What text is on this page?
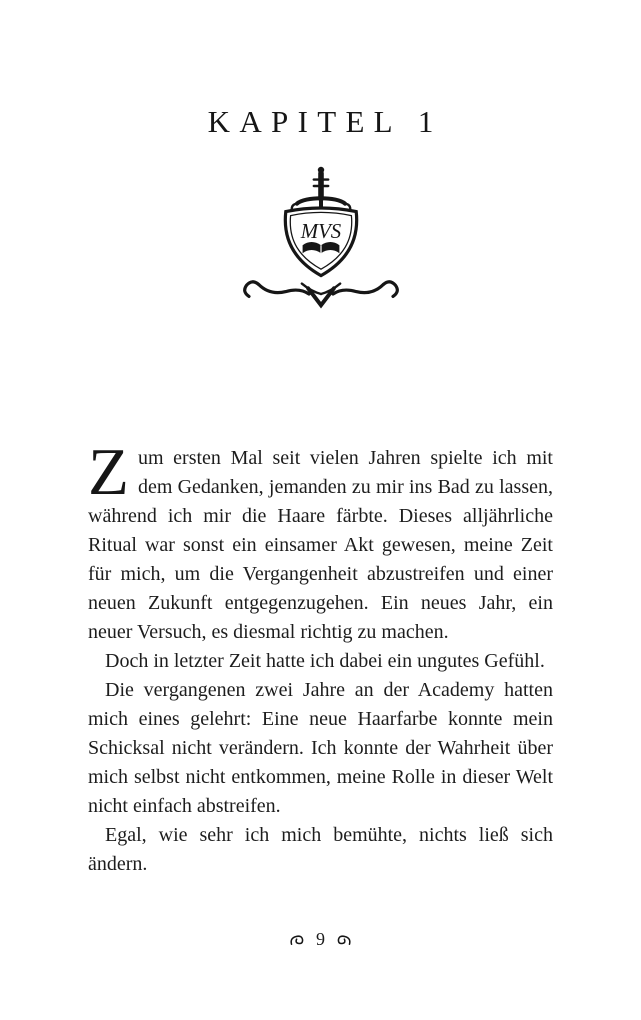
KAPITEL 1
MVS

Zum ersten Mal seit vielen Jahren spielte ich mit dem Gedanken, jemanden zu mir ins Bad zu lassen, während ich mir die Haare färbte. Dieses alljährliche Ritual war sonst ein einsamer Akt gewesen, meine Zeit für mich, um die Vergangenheit abzustreifen und einer neuen Zukunft entgegenzugehen. Ein neues Jahr, ein neuer Versuch, es diesmal richtig zu machen.

Doch in letzter Zeit hatte ich dabei ein ungutes Gefühl.

Die vergangenen zwei Jahre an der Academy hatten mich eines gelehrt: Eine neue Haarfarbe konnte mein Schicksal nicht verändern. Ich konnte der Wahrheit über mich selbst nicht entkommen, meine Rolle in dieser Welt nicht einfach abstreifen.

Egal, wie sehr ich mich bemühte, nichts ließ sich ändern.

9
